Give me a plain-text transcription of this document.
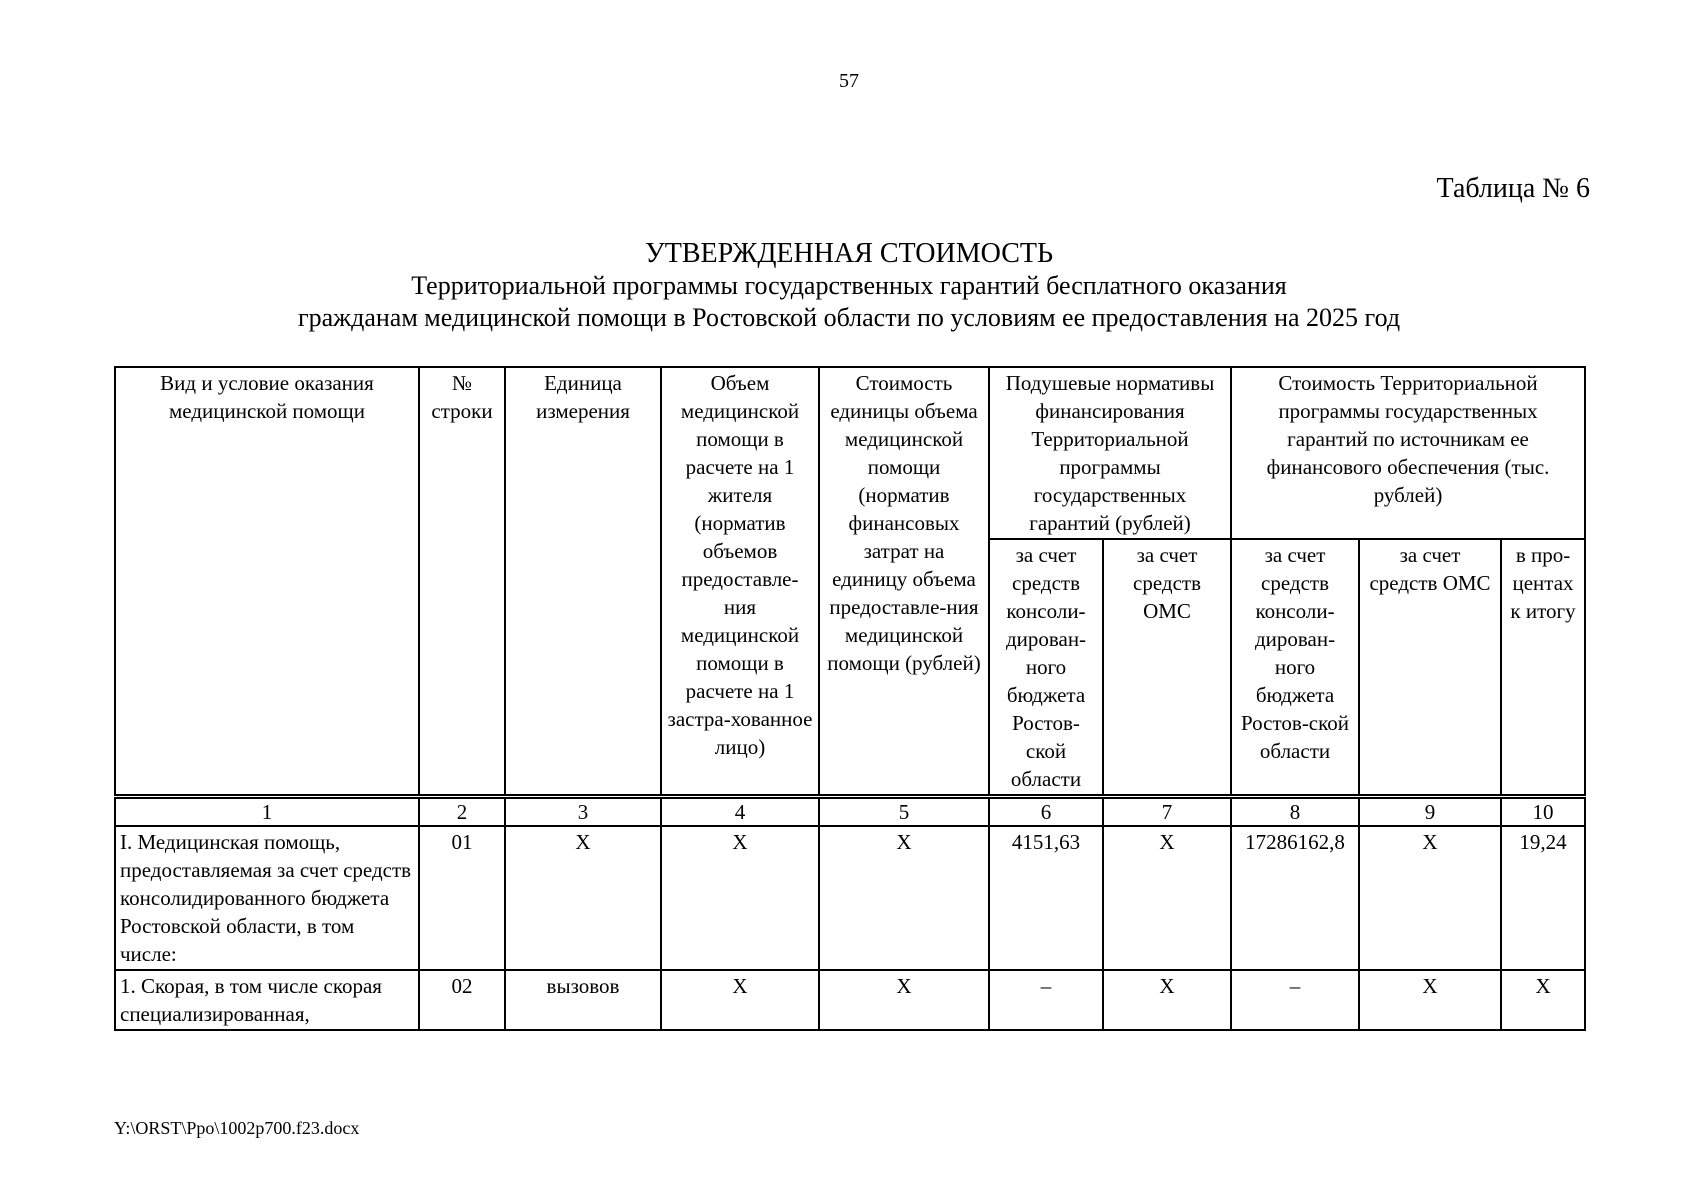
57
Таблица № 6
УТВЕРЖДЕННАЯ СТОИМОСТЬ
Территориальной программы государственных гарантий бесплатного оказания
гражданам медицинской помощи в Ростовской области по условиям ее предоставления на 2025 год
Вид и условие оказания медицинской помощи	№ строки	Единица измерения	Объем медицинской помощи в расчете на 1 жителя (норматив объемов предоставле-ния медицинской помощи в расчете на 1 застра-хованное лицо)	Стоимость единицы объема медицинской помощи (норматив финансовых затрат на единицу объема предоставле-ния медицинской помощи (рублей)	Подушевые нормативы финансирования Территориальной программы государственных гарантий (рублей)		Стоимость Территориальной программы государственных гарантий по источникам ее финансового обеспечения (тыс. рублей)		
					за счет средств консоли-дирован-ного бюджета Ростов-ской области	за счет средств ОМС	за счет средств консоли-дирован-ного бюджета Ростов-ской области	за счет средств ОМС	в про-центах к итогу
1	2	3	4	5	6	7	8	9	10
I. Медицинская помощь, предоставляемая за счет средств консолидированного бюджета Ростовской области, в том числе:	01	Х	Х	Х	4151,63	Х	17286162,8	Х	19,24
1. Скорая, в том числе скорая специализированная,	02	вызовов	Х	Х	–	Х	–	Х	Х
Y:\ORST\Ppo\1002p700.f23.docx
